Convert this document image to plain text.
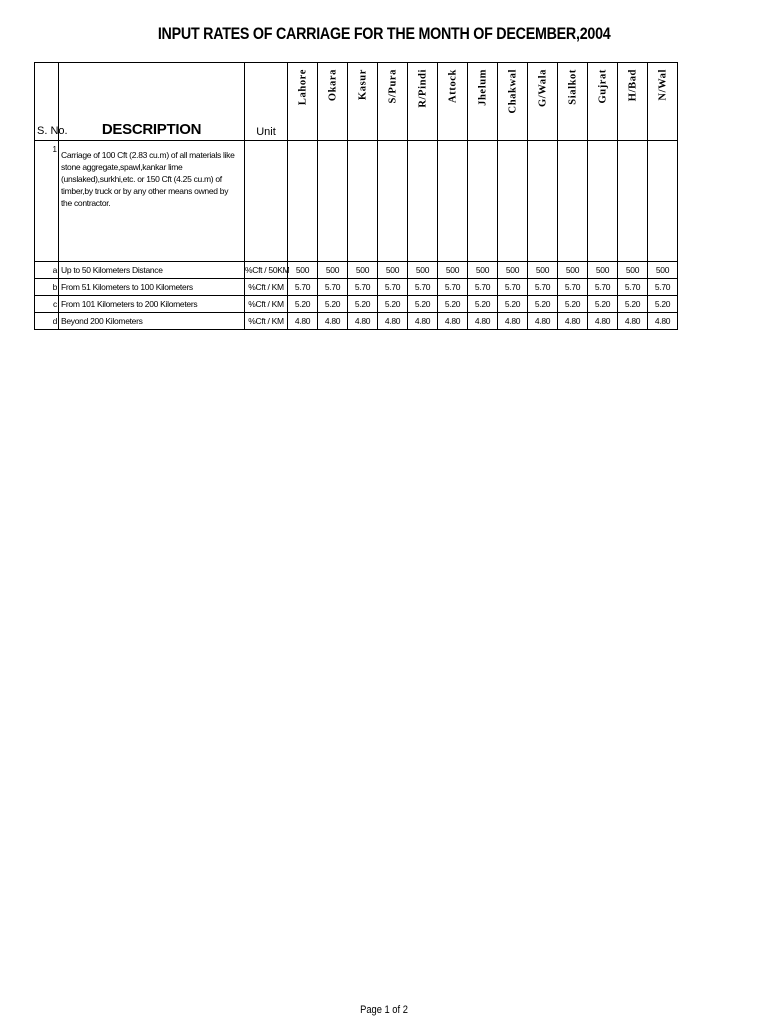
INPUT RATES OF CARRIAGE FOR THE MONTH OF DECEMBER,2004
S. No.	DESCRIPTION	Unit	Lahore	Okara	Kasur	S/Pura	R/Pindi	Attock	Jhelum	Chakwal	G/Wala	Sialkot	Gujrat	H/Bad	N/Wal

1	Carriage of 100 Cft (2.83 cu.m) of all materials like stone aggregate,spawl,kankar lime (unslaked),surkhi,etc. or 150 Cft (4.25 cu.m) of timber,by truck or by any other means owned by the contractor.														
a	Up to 50 Kilometers Distance	%Cft / 50KM	500	500	500	500	500	500	500	500	500	500	500	500	500
b	From 51 Kilometers to 100 Kilometers	%Cft / KM	5.70	5.70	5.70	5.70	5.70	5.70	5.70	5.70	5.70	5.70	5.70	5.70	5.70
c	From 101 Kilometers to 200 Kilometers	%Cft / KM	5.20	5.20	5.20	5.20	5.20	5.20	5.20	5.20	5.20	5.20	5.20	5.20	5.20
d	Beyond 200 Kilometers	%Cft / KM	4.80	4.80	4.80	4.80	4.80	4.80	4.80	4.80	4.80	4.80	4.80	4.80	4.80
Page 1 of 2
